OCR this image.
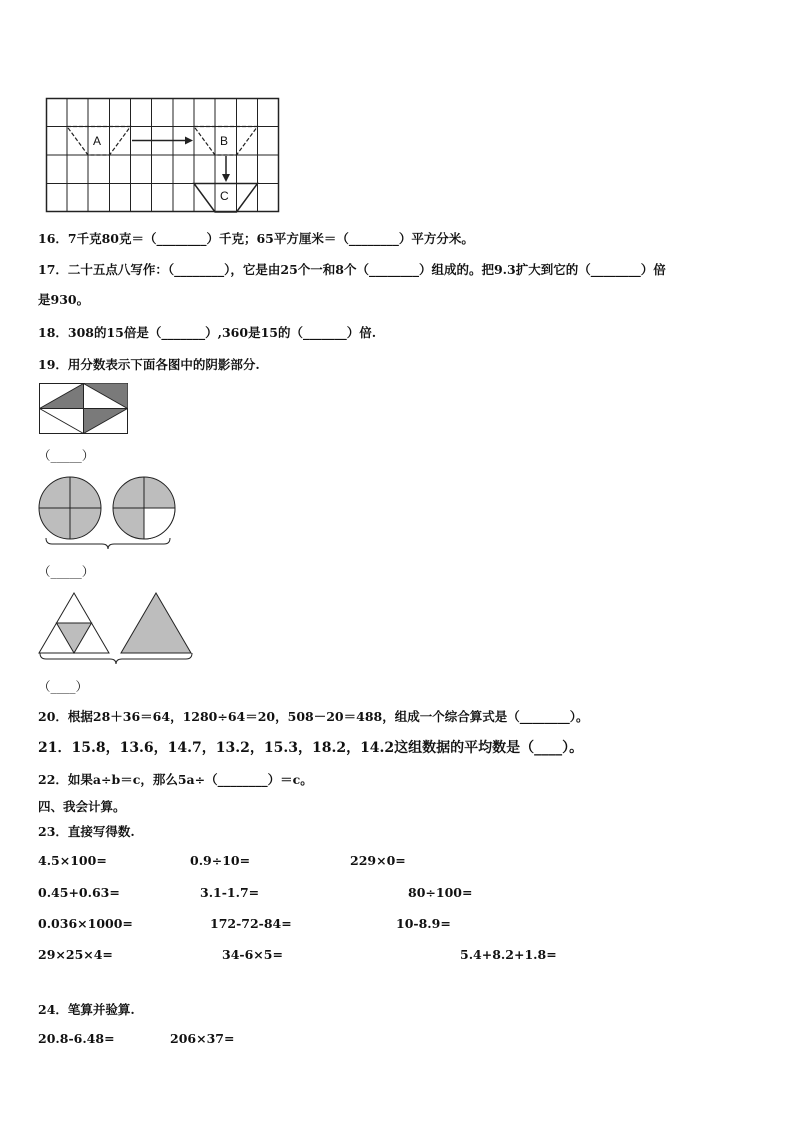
A	B
C
16．7千克80克＝（________）千克；65平方厘米＝（________）平方分米。
17．二十五点八写作：（________），它是由25个一和8个（________）组成的。把9.3扩大到它的（________）倍
是930。
18．308的15倍是（_______）,360是15的（_______）倍.
19．用分数表示下面各图中的阴影部分.
（_____）
（_____）
（____）
20．根据28＋36＝64，1280÷64＝20，508－20＝488，组成一个综合算式是（________）。
21．15.8，13.6，14.7，13.2，15.3，18.2，14.2这组数据的平均数是（____）。
22．如果a÷b＝c，那么5a÷（________）＝c。
四、我会计算。
23．直接写得数.
4.5×100=	0.9÷10=	229×0=
0.45+0.63=	3.1-1.7=	80÷100=
0.036×1000=	172-72-84=	10-8.9=
29×25×4=	34-6×5=	5.4+8.2+1.8=
24．笔算并验算.
20.8-6.48=	206×37=
